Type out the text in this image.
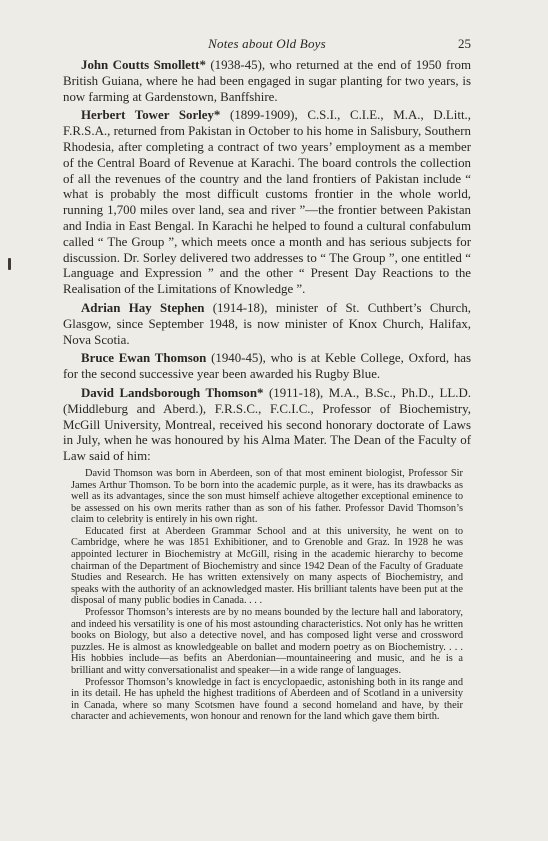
Notes about Old Boys	25

John Coutts Smollett* (1938-45), who returned at the end of 1950 from British Guiana, where he had been engaged in sugar planting for two years, is now farming at Gardenstown, Banffshire.

Herbert Tower Sorley* (1899-1909), C.S.I., C.I.E., M.A., D.Litt., F.R.S.A., returned from Pakistan in October to his home in Salisbury, Southern Rhodesia, after completing a contract of two years’ employment as a member of the Central Board of Revenue at Karachi. The board controls the collection of all the revenues of the country and the land frontiers of Pakistan include “ what is probably the most difficult customs frontier in the whole world, running 1,700 miles over land, sea and river ”—the frontier between Pakistan and India in East Bengal. In Karachi he helped to found a cultural confabulum called “ The Group ”, which meets once a month and has serious subjects for discussion. Dr. Sorley delivered two addresses to “ The Group ”, one entitled “ Language and Expression ” and the other “ Present Day Reactions to the Realisation of the Limitations of Knowledge ”.

Adrian Hay Stephen (1914-18), minister of St. Cuthbert’s Church, Glasgow, since September 1948, is now minister of Knox Church, Halifax, Nova Scotia.

Bruce Ewan Thomson (1940-45), who is at Keble College, Oxford, has for the second successive year been awarded his Rugby Blue.

David Landsborough Thomson* (1911-18), M.A., B.Sc., Ph.D., LL.D. (Middleburg and Aberd.), F.R.S.C., F.C.I.C., Professor of Biochemistry, McGill University, Montreal, received his second honorary doctorate of Laws in July, when he was honoured by his Alma Mater. The Dean of the Faculty of Law said of him:

David Thomson was born in Aberdeen, son of that most eminent biologist, Professor Sir James Arthur Thomson. To be born into the academic purple, as it were, has its drawbacks as well as its advantages, since the son must himself achieve altogether exceptional eminence to be assessed on his own merits rather than as son of his father. Professor David Thomson’s claim to celebrity is entirely in his own right.

Educated first at Aberdeen Grammar School and at this university, he went on to Cambridge, where he was 1851 Exhibitioner, and to Grenoble and Graz. In 1928 he was appointed lecturer in Biochemistry at McGill, rising in the academic hierarchy to become chairman of the Department of Biochemistry and since 1942 Dean of the Faculty of Graduate Studies and Research. He has written extensively on many aspects of Biochemistry, and speaks with the authority of an acknowledged master. His brilliant talents have been put at the disposal of many public bodies in Canada. . . .

Professor Thomson’s interests are by no means bounded by the lecture hall and laboratory, and indeed his versatility is one of his most astounding characteristics. Not only has he written books on Biology, but also a detective novel, and has composed light verse and crossword puzzles. He is almost as knowledgeable on ballet and modern poetry as on Biochemistry. . . . His hobbies include—as befits an Aberdonian—mountaineering and music, and he is a brilliant and witty conversationalist and speaker—in a wide range of languages.

Professor Thomson’s knowledge in fact is encyclopaedic, astonishing both in its range and in its detail. He has upheld the highest traditions of Aberdeen and of Scotland in a university in Canada, where so many Scotsmen have found a second homeland and have, by their character and achievements, won honour and renown for the land which gave them birth.
